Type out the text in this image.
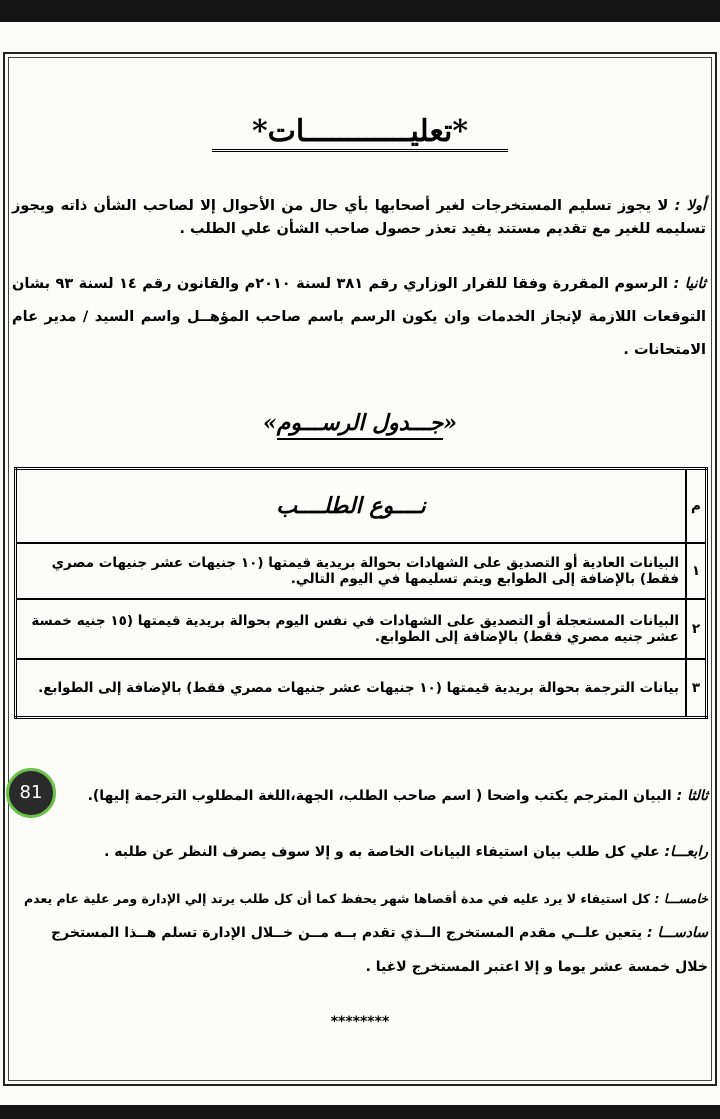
*تعليــــــــــــات*
أولا : لا يجوز تسليم المستخرجات لغير أصحابها بأي حال من الأحوال إلا لصاحب الشأن ذاته ويجوز تسليمه للغير مع تقديم مستند يفيد تعذر حصول صاحب الشأن علي الطلب .
ثانيا : الرسوم المقررة وفقا للقرار الوزاري رقم ٣٨١ لسنة ٢٠١٠م والقانون رقم ١٤ لسنة ٩٣ بشان التوقعات اللازمة لإنجاز الخدمات وان يكون الرسم باسم صاحب المؤهــل واسم السيد / مدير عام الامتحانات .
«جـــدول الرســـوم»
م	نــــوع الطلــــب
١	البيانات العادية أو التصديق على الشهادات بحوالة بريدية قيمتها (١٠ جنيهات عشر جنيهات مصري فقط) بالإضافة إلى الطوابع ويتم تسليمها في اليوم التالي.
٢	البيانات المستعجلة أو التصديق على الشهادات في نفس اليوم بحوالة بريدية قيمتها (١٥ جنيه خمسة عشر جنيه مصري فقط) بالإضافة إلى الطوابع.
٣	بيانات الترجمة بحوالة بريدية قيمتها (١٠ جنيهات عشر جنيهات مصري فقط) بالإضافة إلى الطوابع.
81	ثالثا : البيان المترجم يكتب واضحا ( اسم صاحب الطلب، الجهة،اللغة المطلوب الترجمة إليها).
رابعـــا: علي كل طلب بيان استيفاء البيانات الخاصة به و إلا سوف يصرف النظر عن طلبه .
خامســـا : كل استيفاء لا يرد عليه في مدة أقصاها شهر يحفظ كما أن كل طلب يرتد إلي الإدارة ومر علية عام يعدم
سادســـا : يتعين علــي مقدم المستخرج الــذي تقدم بــه مــن خــلال الإدارة تسلم هــذا المستخرج خلال خمسة عشر يوما و إلا اعتبر المستخرج لاغيا .
********
